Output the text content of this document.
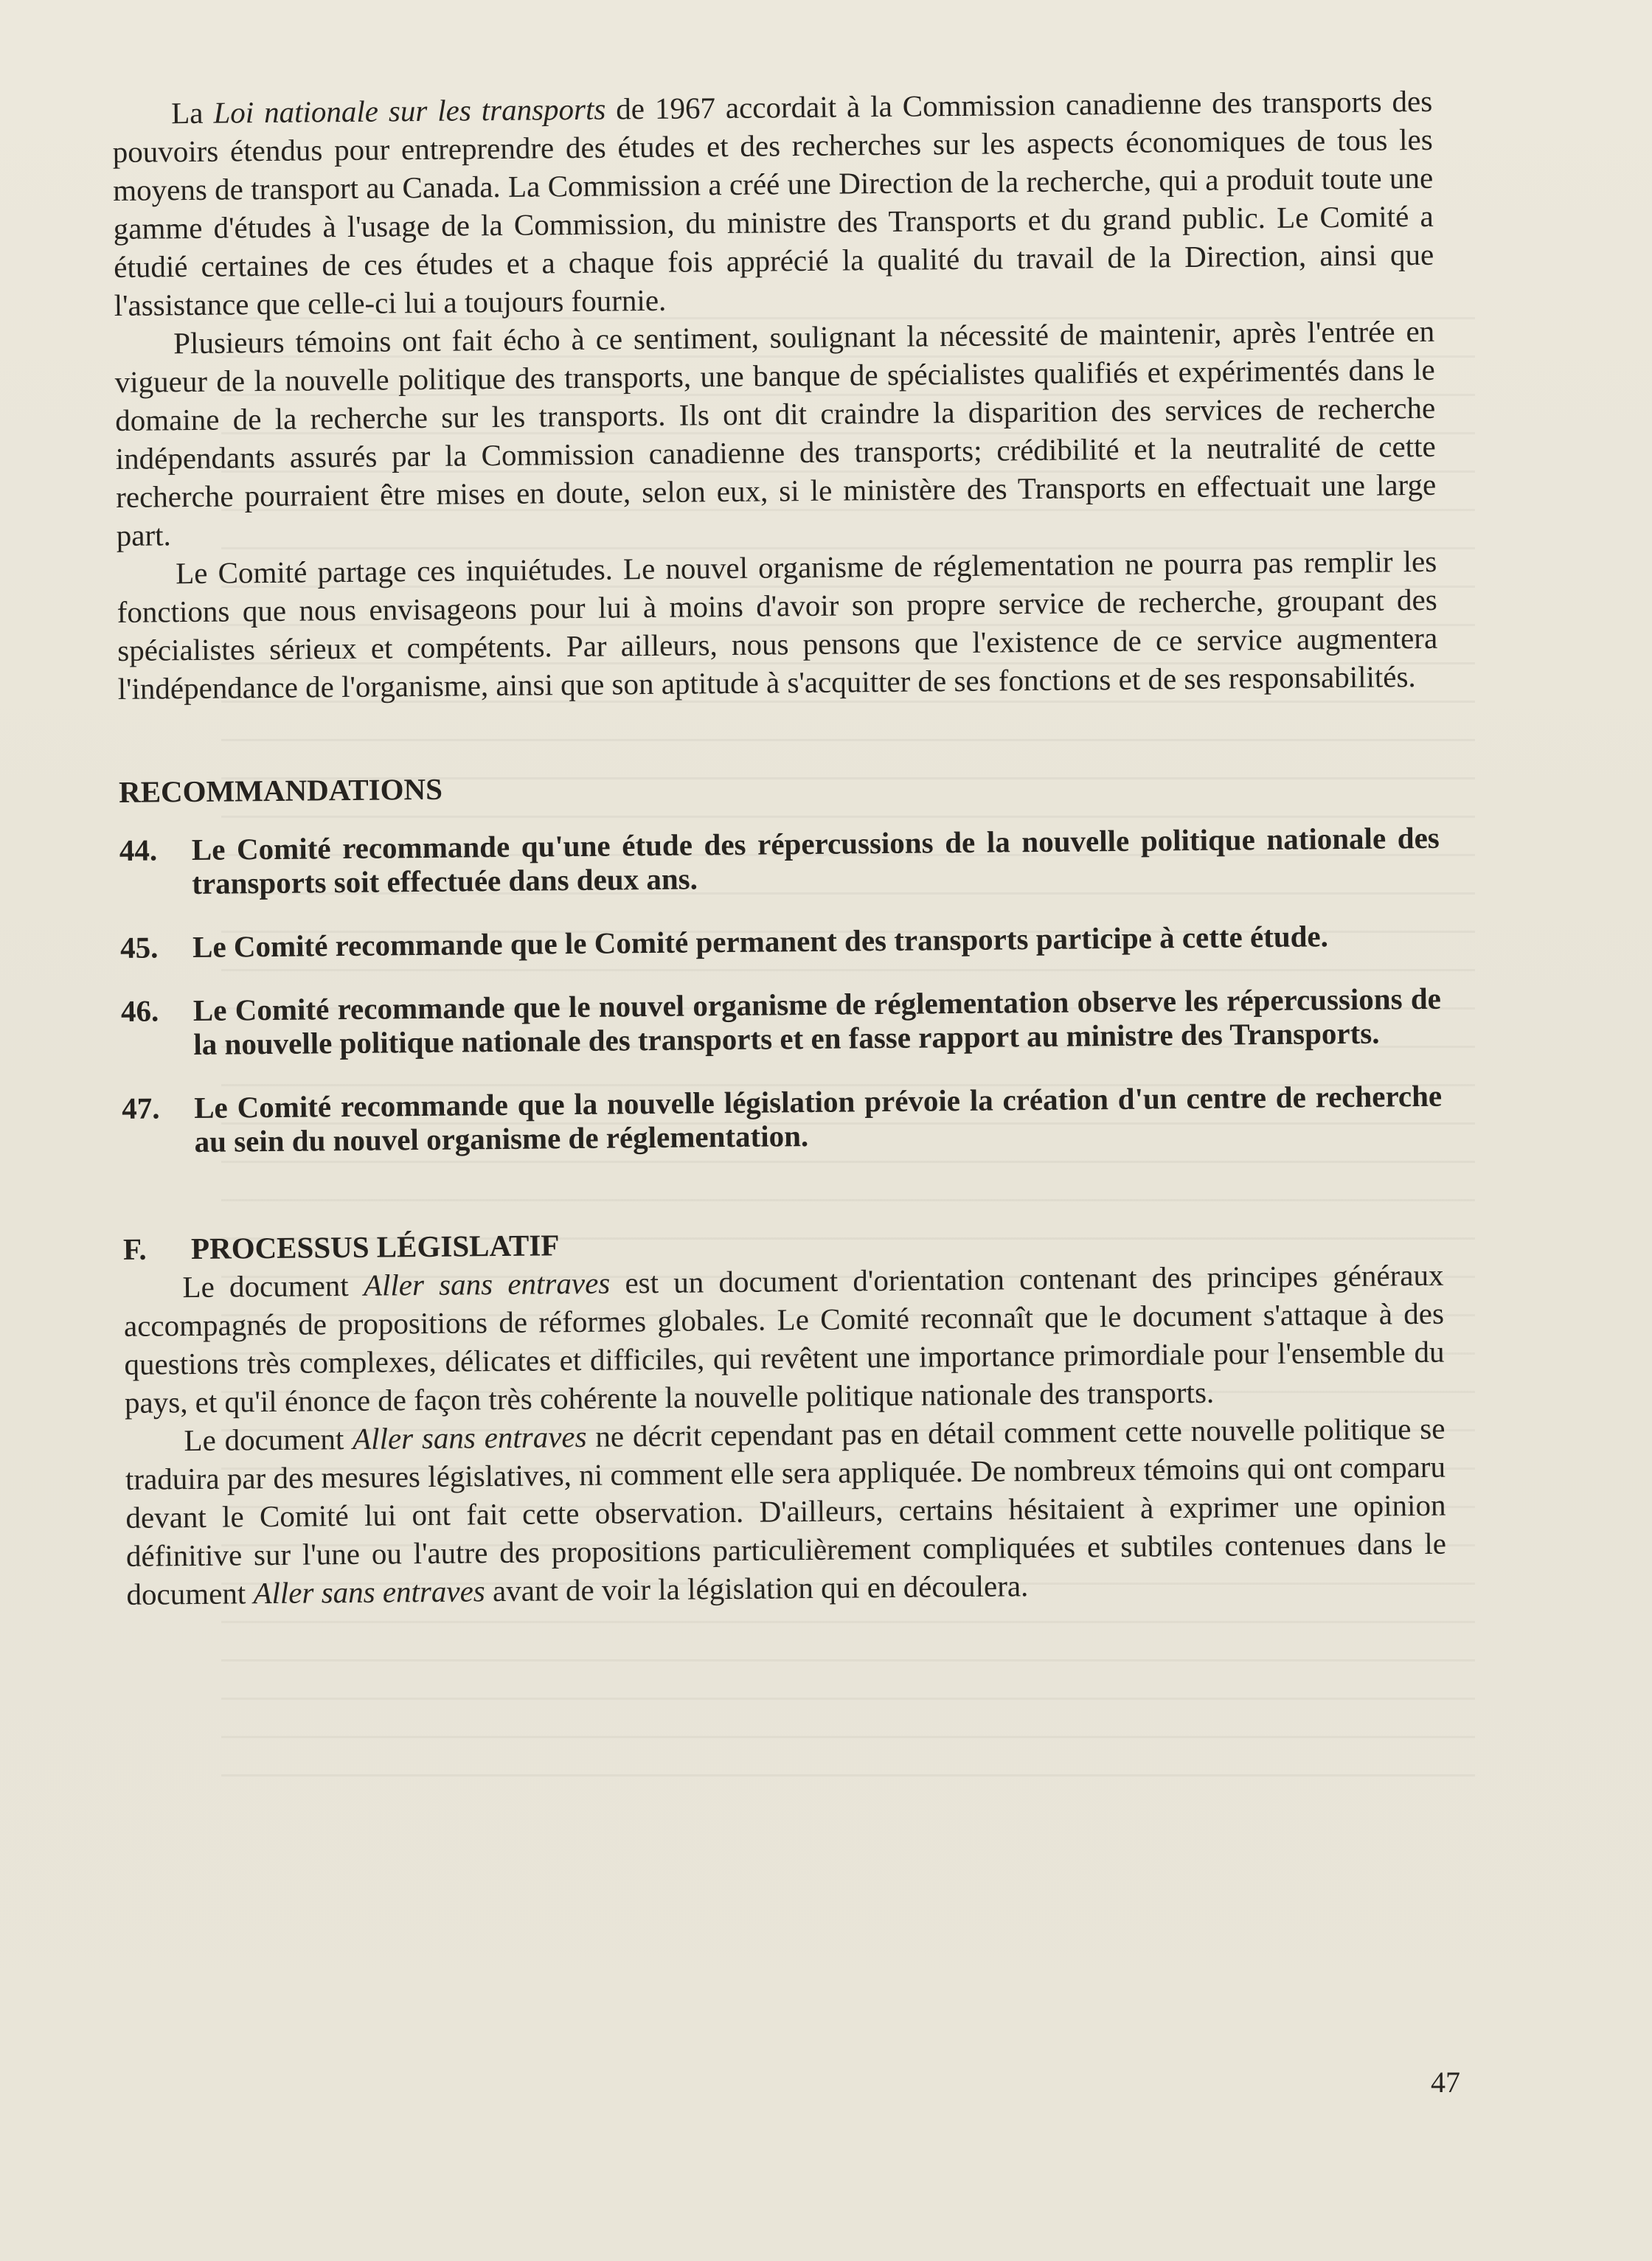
La Loi nationale sur les transports de 1967 accordait à la Commission canadienne des transports des pouvoirs étendus pour entreprendre des études et des recherches sur les aspects économiques de tous les moyens de transport au Canada. La Commission a créé une Direction de la recherche, qui a produit toute une gamme d'études à l'usage de la Commission, du ministre des Transports et du grand public. Le Comité a étudié certaines de ces études et a chaque fois apprécié la qualité du travail de la Direction, ainsi que l'assistance que celle-ci lui a toujours fournie.

Plusieurs témoins ont fait écho à ce sentiment, soulignant la nécessité de maintenir, après l'entrée en vigueur de la nouvelle politique des transports, une banque de spécialistes qualifiés et expérimentés dans le domaine de la recherche sur les transports. Ils ont dit craindre la disparition des services de recherche indépendants assurés par la Commission canadienne des transports; crédibilité et la neutralité de cette recherche pourraient être mises en doute, selon eux, si le ministère des Transports en effectuait une large part.

Le Comité partage ces inquiétudes. Le nouvel organisme de réglementation ne pourra pas remplir les fonctions que nous envisageons pour lui à moins d'avoir son propre service de recherche, groupant des spécialistes sérieux et compétents. Par ailleurs, nous pensons que l'existence de ce service augmentera l'indépendance de l'organisme, ainsi que son aptitude à s'acquitter de ses fonctions et de ses responsabilités.

RECOMMANDATIONS
44.	Le Comité recommande qu'une étude des répercussions de la nouvelle politique nationale des transports soit effectuée dans deux ans.
45.	Le Comité recommande que le Comité permanent des transports participe à cette étude.
46.	Le Comité recommande que le nouvel organisme de réglementation observe les répercussions de la nouvelle politique nationale des transports et en fasse rapport au ministre des Transports.
47.	Le Comité recommande que la nouvelle législation prévoie la création d'un centre de recherche au sein du nouvel organisme de réglementation.
F.	PROCESSUS LÉGISLATIF

Le document Aller sans entraves est un document d'orientation contenant des principes généraux accompagnés de propositions de réformes globales. Le Comité reconnaît que le document s'attaque à des questions très complexes, délicates et difficiles, qui revêtent une importance primordiale pour l'ensemble du pays, et qu'il énonce de façon très cohérente la nouvelle politique nationale des transports.

Le document Aller sans entraves ne décrit cependant pas en détail comment cette nouvelle politique se traduira par des mesures législatives, ni comment elle sera appliquée. De nombreux témoins qui ont comparu devant le Comité lui ont fait cette observation. D'ailleurs, certains hésitaient à exprimer une opinion définitive sur l'une ou l'autre des propositions particulièrement compliquées et subtiles contenues dans le document Aller sans entraves avant de voir la législation qui en découlera.

47
